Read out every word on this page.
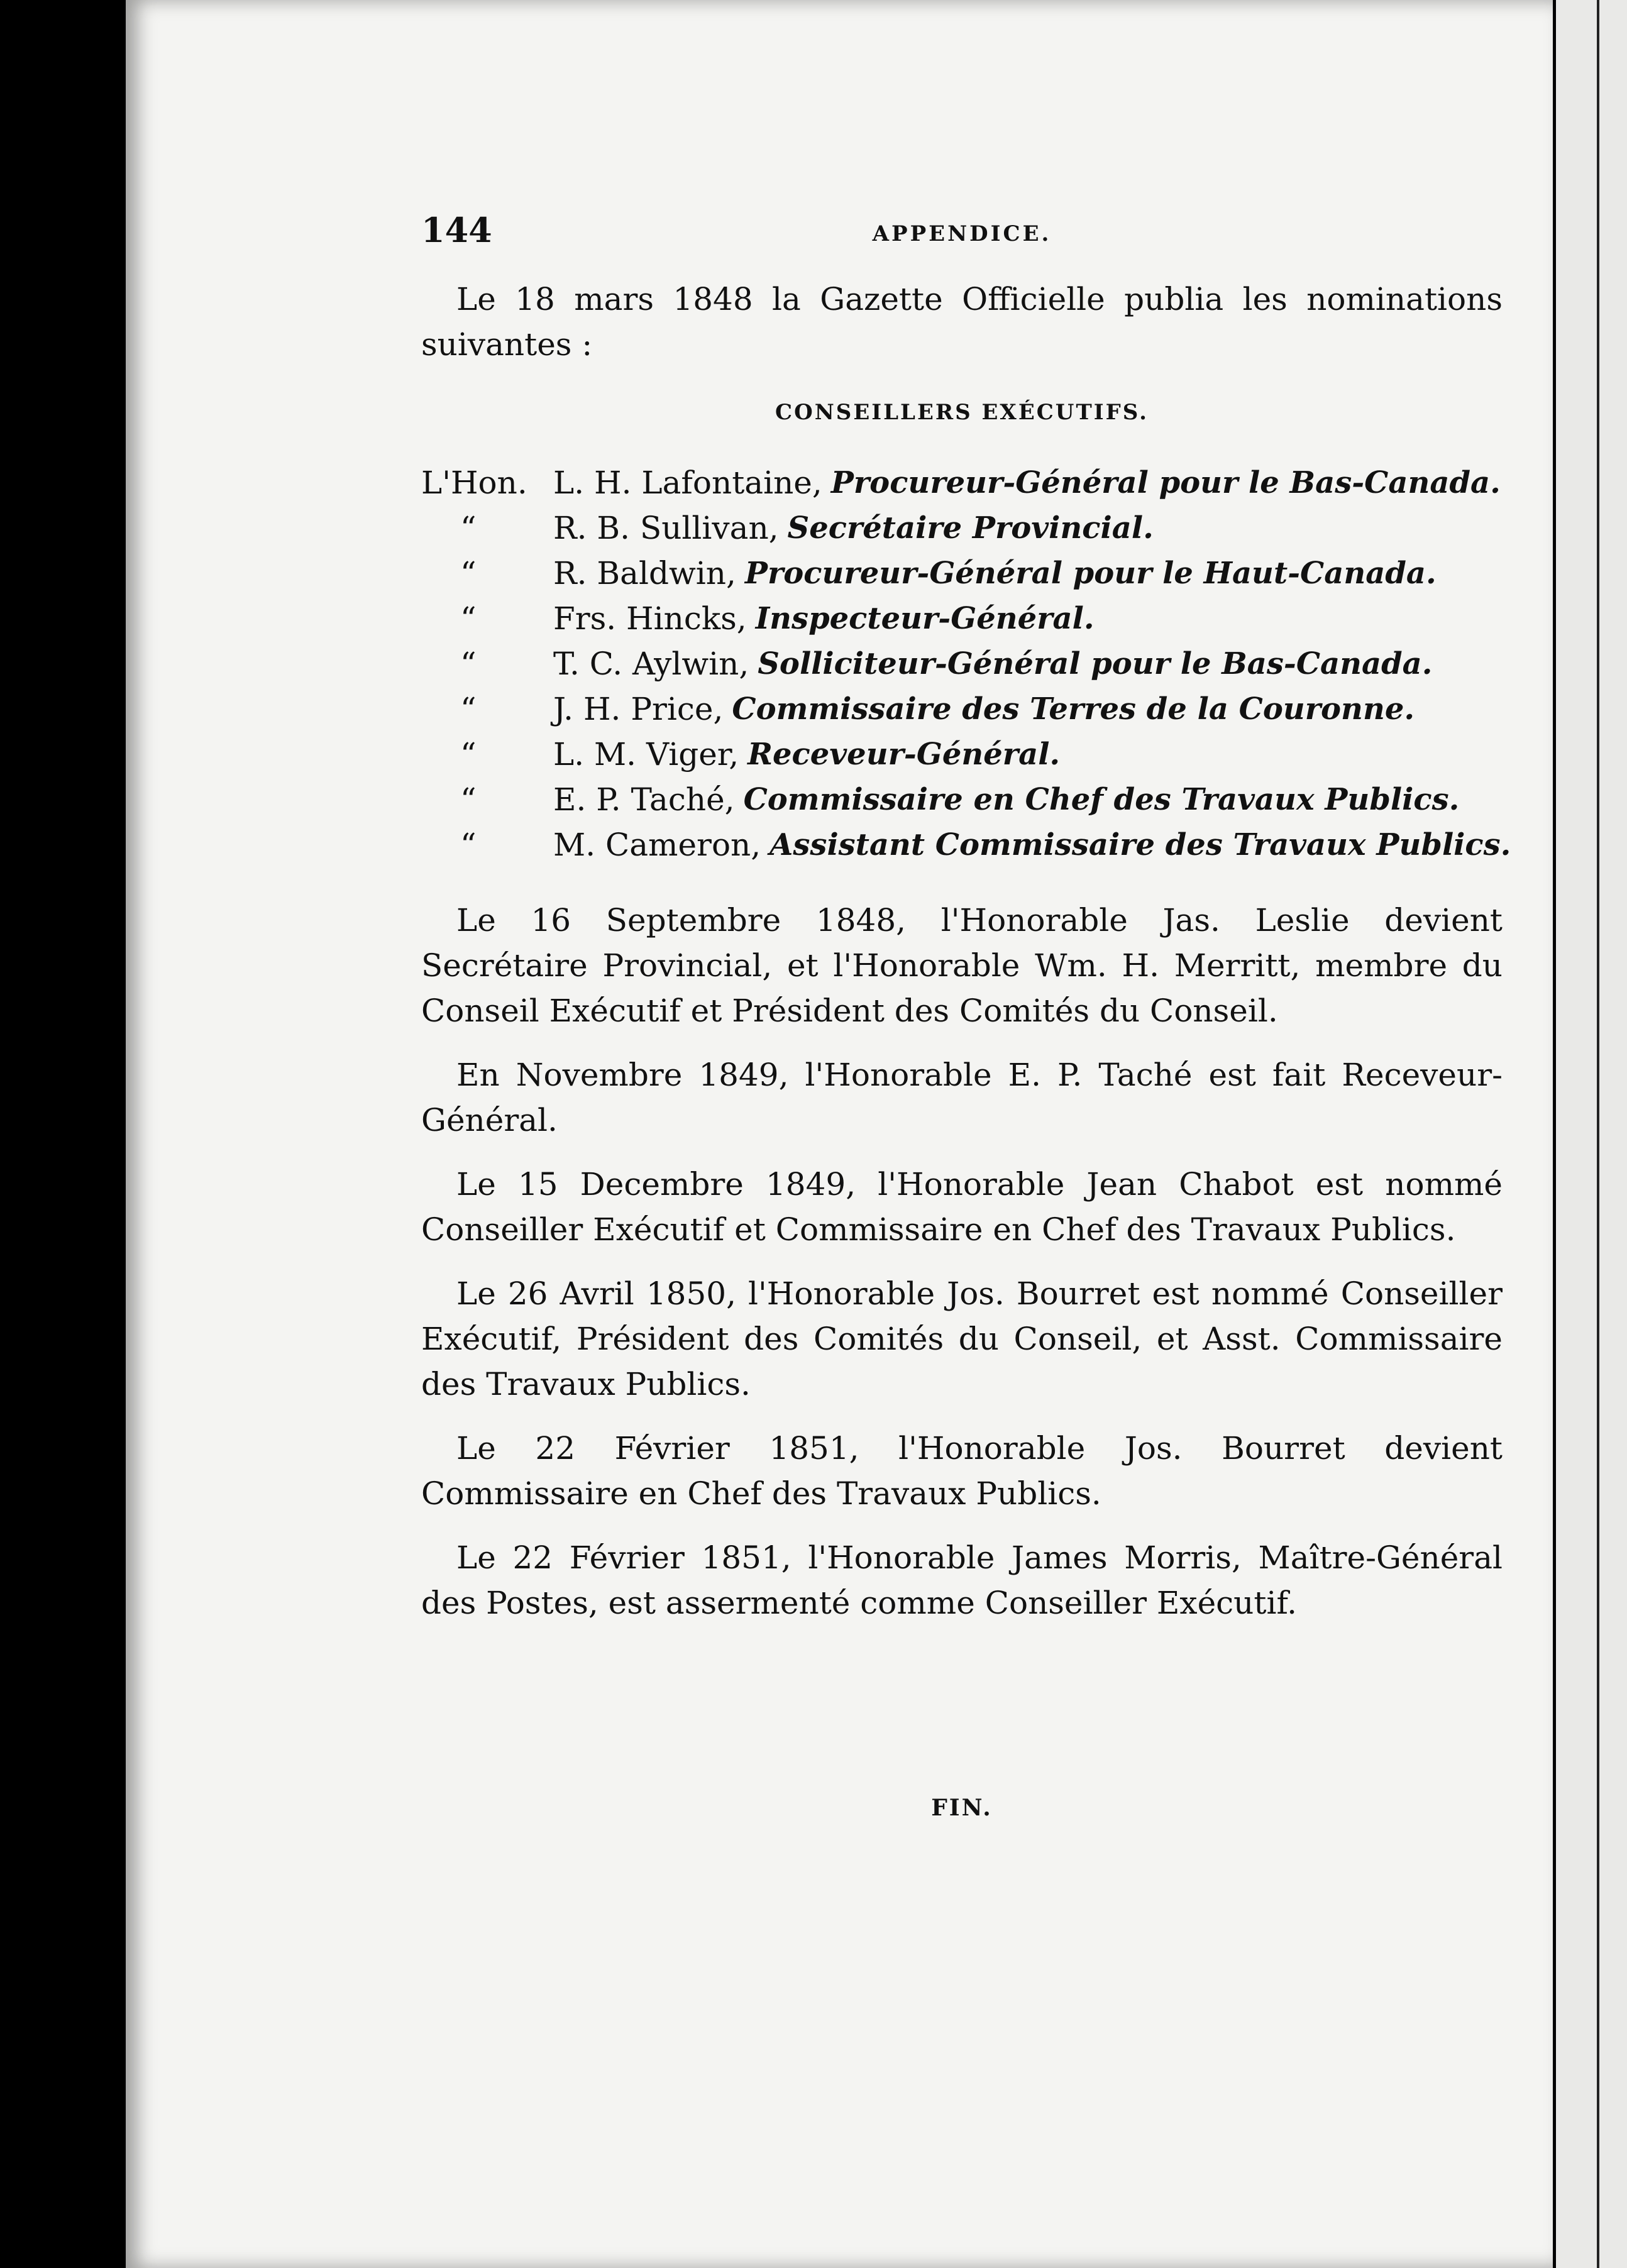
144	APPENDICE.

Le 18 mars 1848 la Gazette Officielle publia les nominations suivantes :

CONSEILLERS EXÉCUTIFS.
L'Hon. L. H. Lafontaine, Procureur-Général pour le Bas-Canada.
“	R. B. Sullivan, Secrétaire Provincial.
“	R. Baldwin, Procureur-Général pour le Haut-Canada.
“	Frs. Hincks, Inspecteur-Général.
“	T. C. Aylwin, Solliciteur-Général pour le Bas-Canada.
“	J. H. Price, Commissaire des Terres de la Couronne.
“	L. M. Viger, Receveur-Général.
“	E. P. Taché, Commissaire en Chef des Travaux Publics.
“	M. Cameron, Assistant Commissaire des Travaux Publics.

Le 16 Septembre 1848, l'Honorable Jas. Leslie devient Secrétaire Provincial, et l'Honorable Wm. H. Merritt, membre du Conseil Exécutif et Président des Comités du Conseil.

En Novembre 1849, l'Honorable E. P. Taché est fait Receveur-Général.

Le 15 Decembre 1849, l'Honorable Jean Chabot est nommé Conseiller Exécutif et Commissaire en Chef des Travaux Publics.

Le 26 Avril 1850, l'Honorable Jos. Bourret est nommé Conseiller Exécutif, Président des Comités du Conseil, et Asst. Commissaire des Travaux Publics.

Le 22 Février 1851, l'Honorable Jos. Bourret devient Commissaire en Chef des Travaux Publics.

Le 22 Février 1851, l'Honorable James Morris, Maître-Général des Postes, est assermenté comme Conseiller Exécutif.

FIN.
